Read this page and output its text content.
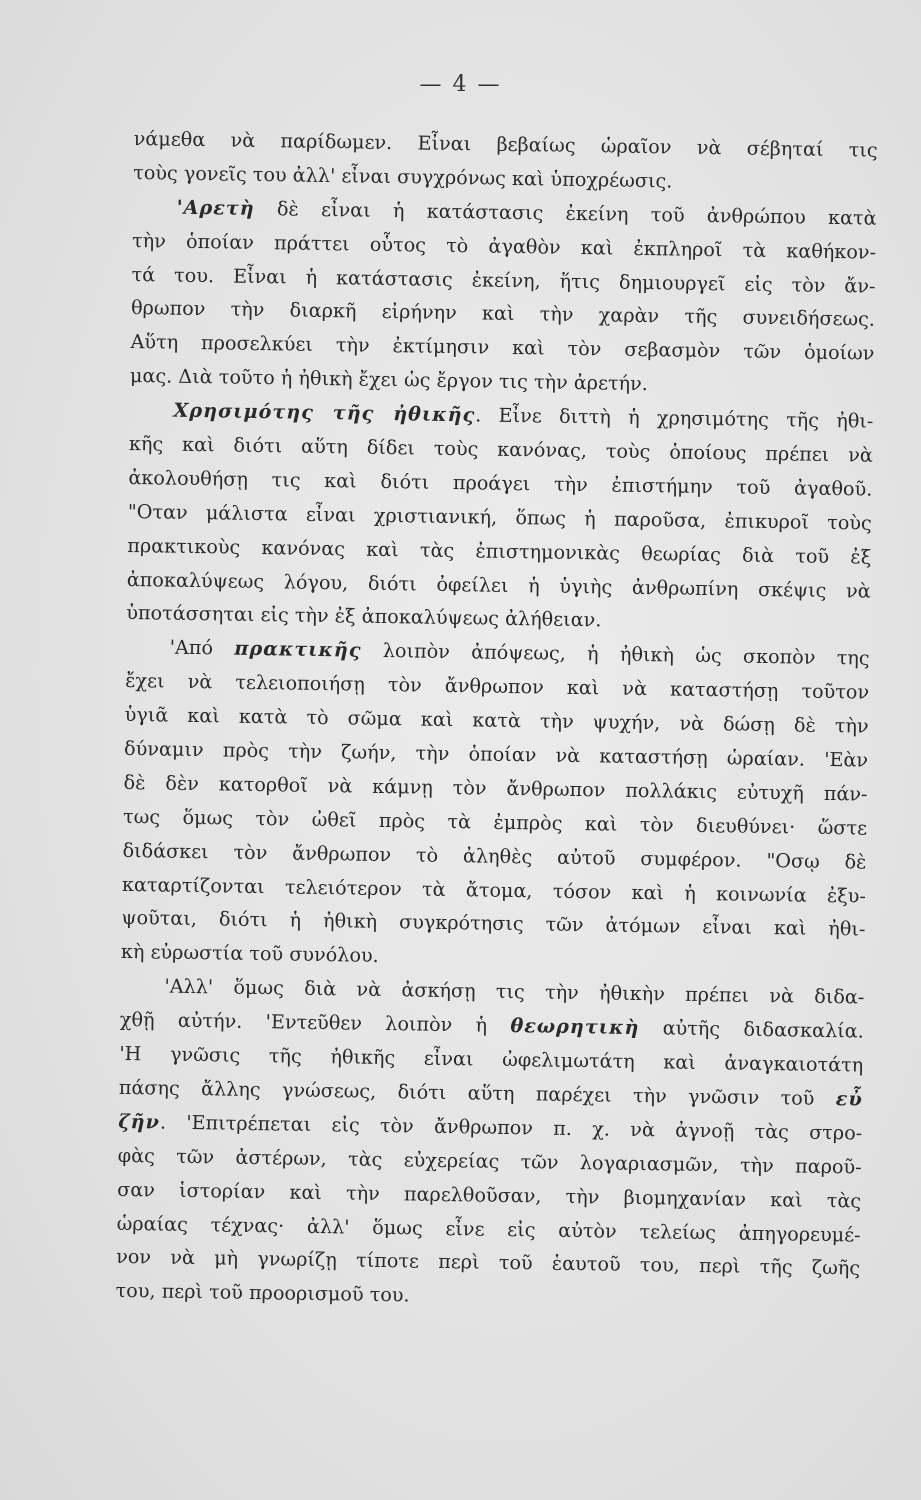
— 4 —
νάμεθα νὰ παρίδωμεν. Εἶναι βεβαίως ὡραῖον νὰ σέβηταί τις
τοὺς γονεῖς του ἀλλ' εἶναι συγχρόνως καὶ ὑποχρέωσις.
'Αρετὴ δὲ εἶναι ἡ κατάστασις ἐκείνη τοῦ ἀνθρώπου κατὰ
τὴν ὁποίαν πράττει οὗτος τὸ ἀγαθὸν καὶ ἐκπληροῖ τὰ καθήκον-
τά του. Εἶναι ἡ κατάστασις ἐκείνη, ἥτις δημιουργεῖ εἰς τὸν ἄν-
θρωπον τὴν διαρκῆ εἰρήνην καὶ τὴν χαρὰν τῆς συνειδήσεως.
Αὕτη προσελκύει τὴν ἐκτίμησιν καὶ τὸν σεβασμὸν τῶν ὁμοίων
μας. Διὰ τοῦτο ἡ ἠθικὴ ἔχει ὡς ἔργον τις τὴν ἀρετήν.
Χρησιμότης τῆς ἠθικῆς. Εἶνε διττὴ ἡ χρησιμότης τῆς ἠθι-
κῆς καὶ διότι αὕτη δίδει τοὺς κανόνας, τοὺς ὁποίους πρέπει νὰ
ἀκολουθήσῃ τις καὶ διότι προάγει τὴν ἐπιστήμην τοῦ ἀγαθοῦ.
"Οταν μάλιστα εἶναι χριστιανική, ὅπως ἡ παροῦσα, ἐπικυροῖ τοὺς
πρακτικοὺς κανόνας καὶ τὰς ἐπιστημονικὰς θεωρίας διὰ τοῦ ἐξ
ἀποκαλύψεως λόγου, διότι ὀφείλει ἡ ὑγιὴς ἀνθρωπίνη σκέψις νὰ
ὑποτάσσηται εἰς τὴν ἐξ ἀποκαλύψεως ἀλήθειαν.
'Από πρακτικῆς λοιπὸν ἀπόψεως, ἡ ἠθικὴ ὡς σκοπὸν της
ἔχει νὰ τελειοποιήσῃ τὸν ἄνθρωπον καὶ νὰ καταστήσῃ τοῦτον
ὑγιᾶ καὶ κατὰ τὸ σῶμα καὶ κατὰ τὴν ψυχήν, νὰ δώσῃ δὲ τὴν
δύναμιν πρὸς τὴν ζωήν, τὴν ὁποίαν νὰ καταστήσῃ ὡραίαν. 'Εὰν
δὲ δὲν κατορθοῖ νὰ κάμνῃ τὸν ἄνθρωπον πολλάκις εὐτυχῆ πάν-
τως ὅμως τὸν ὠθεῖ πρὸς τὰ ἐμπρὸς καὶ τὸν διευθύνει· ὥστε
διδάσκει τὸν ἄνθρωπον τὸ ἀληθὲς αὐτοῦ συμφέρον. "Οσῳ δὲ
καταρτίζονται τελειότερον τὰ ἄτομα, τόσον καὶ ἡ κοινωνία ἐξυ-
ψοῦται, διότι ἡ ἠθικὴ συγκρότησις τῶν ἀτόμων εἶναι καὶ ἠθι-
κὴ εὐρωστία τοῦ συνόλου.
'Αλλ' ὅμως διὰ νὰ ἀσκήσῃ τις τὴν ἠθικὴν πρέπει νὰ διδα-
χθῇ αὐτήν. 'Εντεῦθεν λοιπὸν ἡ θεωρητικὴ αὐτῆς διδασκαλία.
'Η γνῶσις τῆς ἠθικῆς εἶναι ὠφελιμωτάτη καὶ ἀναγκαιοτάτη
πάσης ἄλλης γνώσεως, διότι αὕτη παρέχει τὴν γνῶσιν τοῦ εὖ
ζῆν. 'Επιτρέπεται εἰς τὸν ἄνθρωπον π. χ. νὰ ἀγνοῇ τὰς στρο-
φὰς τῶν ἀστέρων, τὰς εὐχερείας τῶν λογαριασμῶν, τὴν παροῦ-
σαν ἱστορίαν καὶ τὴν παρελθοῦσαν, τὴν βιομηχανίαν καὶ τὰς
ὡραίας τέχνας· ἀλλ' ὅμως εἶνε εἰς αὐτὸν τελείως ἀπηγορευμέ-
νον νὰ μὴ γνωρίζῃ τίποτε περὶ τοῦ ἑαυτοῦ του, περὶ τῆς ζωῆς
του, περὶ τοῦ προορισμοῦ του.
